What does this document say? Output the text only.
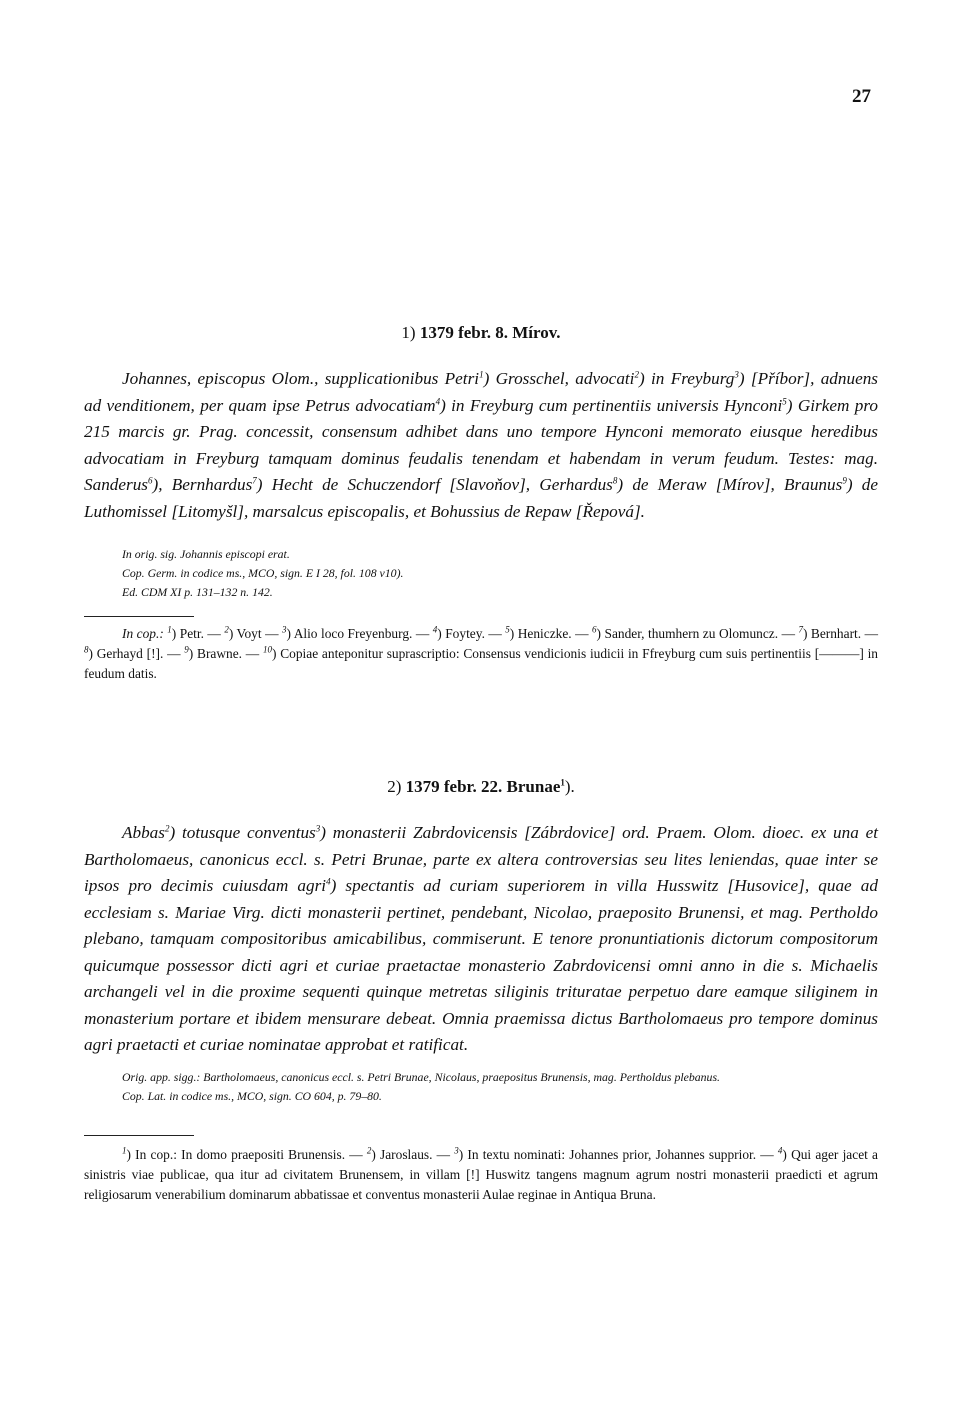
27
1) 1379 febr. 8. Mírov.

Johannes, episcopus Olom., supplicationibus Petri$^1$) Grosschel, advocati$^2$) in Freyburg$^3$) [Příbor], adnuens ad venditionem, per quam ipse Petrus advocatiam$^4$) in Freyburg cum pertinentiis universis Hynconi$^5$) Girkem pro 215 marcis gr. Prag. concessit, consensum adhibet dans uno tempore Hynconi memorato eiusque heredibus advocatiam in Freyburg tamquam dominus feudalis tenendam et habendam in verum feudum. Testes: mag. Sanderus$^6$), Bernhardus$^7$) Hecht de Schuczendorf [Slavoňov], Gerhardus$^8$) de Meraw [Mírov], Braunus$^9$) de Luthomissel [Litomyšl], marsalcus episcopalis, et Bohussius de Repaw [Řepová].

In orig. sig. Johannis episcopi erat.

Cop. Germ. in codice ms., MCO, sign. E I 28, fol. 108 v10).

Ed. CDM XI p. 131–132 n. 142.

In cop.: $^1$) Petr. — $^2$) Voyt — $^3$) Alio loco Freyenburg. — $^4$) Foytey. — $^5$) Heniczke. — $^6$) Sander, thumhern zu Olomuncz. — $^7$) Bernhart. — $^8$) Gerhayd [!]. — $^9$) Brawne. — $^{10}$) Copiae anteponitur suprascriptio: Consensus vendicionis iudicii in Ffreyburg cum suis pertinentiis [———] in feudum datis.

2) 1379 febr. 22. Brunae$^1$).

Abbas$^2$) totusque conventus$^3$) monasterii Zabrdovicensis [Zábrdovice] ord. Praem. Olom. dioec. ex una et Bartholomaeus, canonicus eccl. s. Petri Brunae, parte ex altera controversias seu lites leniendas, quae inter se ipsos pro decimis cuiusdam agri$^4$) spectantis ad curiam superiorem in villa Husswitz [Husovice], quae ad ecclesiam s. Mariae Virg. dicti monasterii pertinet, pendebant, Nicolao, praeposito Brunensi, et mag. Pertholdo plebano, tamquam compositoribus amicabilibus, commiserunt. E tenore pronuntiationis dictorum compositorum quicumque possessor dicti agri et curiae praetactae monasterio Zabrdovicensi omni anno in die s. Michaelis archangeli vel in die proxime sequenti quinque metretas siliginis trituratae perpetuo dare eamque siliginem in monasterium portare et ibidem mensurare debeat. Omnia praemissa dictus Bartholomaeus pro tempore dominus agri praetacti et curiae nominatae approbat et ratificat.

Orig. app. sigg.: Bartholomaeus, canonicus eccl. s. Petri Brunae, Nicolaus, praepositus Brunensis, mag. Pertholdus plebanus.

Cop. Lat. in codice ms., MCO, sign. CO 604, p. 79–80.

$^1$) In cop.: In domo praepositi Brunensis. — $^2$) Jaroslaus. — $^3$) In textu nominati: Johannes prior, Johannes supprior. — $^4$) Qui ager jacet a sinistris viae publicae, qua itur ad civitatem Brunensem, in villam [!] Huswitz tangens magnum agrum nostri monasterii praedicti et agrum religiosarum venerabilium dominarum abbatissae et conventus monasterii Aulae reginae in Antiqua Bruna.
